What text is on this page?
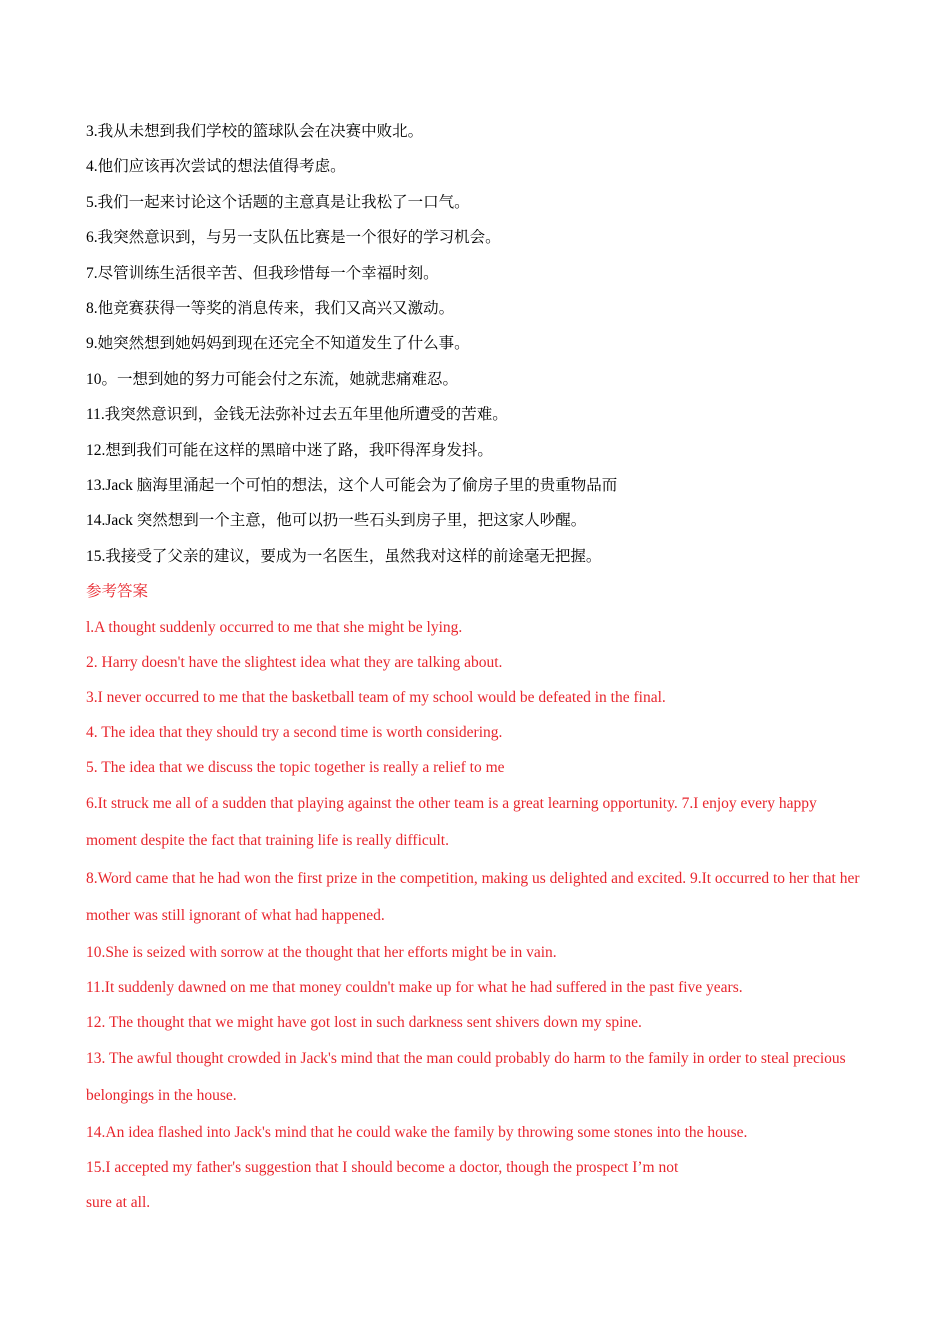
3.我从未想到我们学校的篮球队会在决赛中败北。
4.他们应该再次尝试的想法值得考虑。
5.我们一起来讨论这个话题的主意真是让我松了一口气。
6.我突然意识到，与另一支队伍比赛是一个很好的学习机会。
7.尽管训练生活很辛苦、但我珍惜每一个幸福时刻。
8.他竞赛获得一等奖的消息传来，我们又高兴又激动。
9.她突然想到她妈妈到现在还完全不知道发生了什么事。
10。一想到她的努力可能会付之东流，她就悲痛难忍。
11.我突然意识到，金钱无法弥补过去五年里他所遭受的苦难。
12.想到我们可能在这样的黑暗中迷了路，我吓得浑身发抖。
13.Jack 脑海里涌起一个可怕的想法，这个人可能会为了偷房子里的贵重物品而
14.Jack 突然想到一个主意，他可以扔一些石头到房子里，把这家人吵醒。
15.我接受了父亲的建议，要成为一名医生，虽然我对这样的前途毫无把握。
参考答案
l.A thought suddenly occurred to me that she might be lying.
2. Harry doesn't have the slightest idea what they are talking about.
3.I never occurred to me that the basketball team of my school would be defeated in the final.
4. The idea that they should try a second time is worth considering.
5. The idea that we discuss the topic together is really a relief to me
6.It struck me all of a sudden that playing against the other team is a great learning opportunity. 7.I enjoy every happy moment despite the fact that training life is really difficult.
8.Word came that he had won the first prize in the competition, making us delighted and excited. 9.It occurred to her that her mother was still ignorant of what had happened.
10.She is seized with sorrow at the thought that her efforts might be in vain.
11.It suddenly dawned on me that money couldn't make up for what he had suffered in the past five years.
12. The thought that we might have got lost in such darkness sent shivers down my spine.
13. The awful thought crowded in Jack's mind that the man could probably do harm to the family in order to steal precious belongings in the house.
14.An idea flashed into Jack's mind that he could wake the family by throwing some stones into the house.
15.I accepted my father's suggestion that I should become a doctor, though the prospect I’m not
sure at all.
